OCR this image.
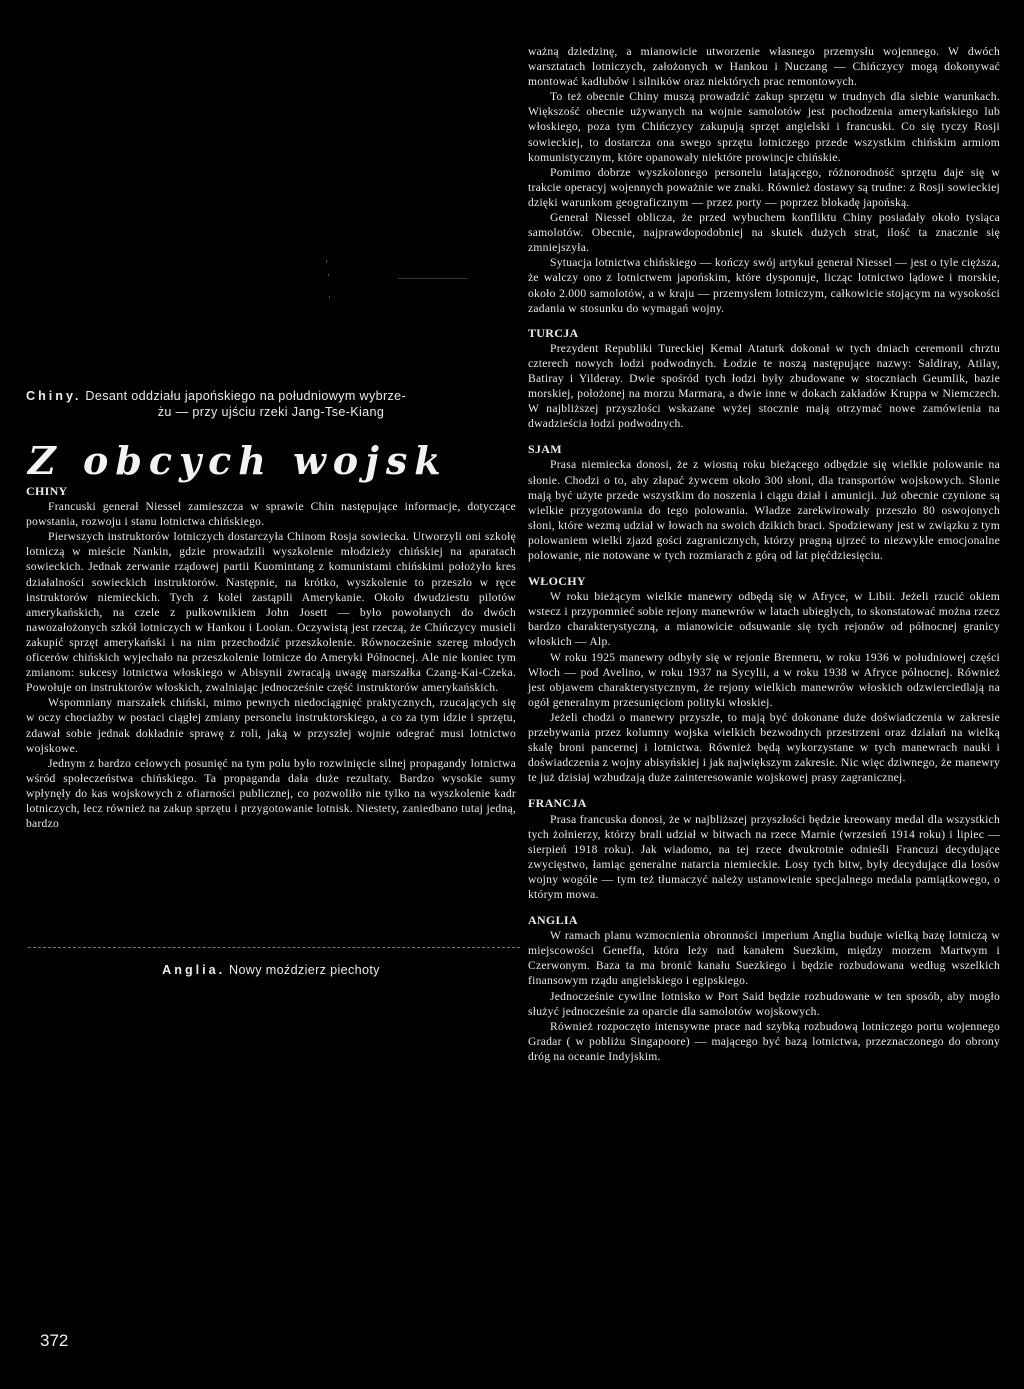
Chiny. Desant oddziału japońskiego na południowym wybrze-
żu — przy ujściu rzeki Jang-Tse-Kiang

Z obcych wojsk

CHINY

Francuski generał Niessel zamieszcza w sprawie Chin następujące informacje, dotyczące powstania, rozwoju i stanu lotnictwa chińskiego.

Pierwszych instruktorów lotniczych dostarczyła Chinom Rosja sowiecka. Utworzyli oni szkołę lotniczą w mieście Nankin, gdzie prowadzili wyszkolenie młodzieży chińskiej na aparatach sowieckich. Jednak zerwanie rządowej partii Kuomintang z komunistami chińskimi położyło kres działalności sowieckich instruktorów. Następnie, na krótko, wyszkolenie to przeszło w ręce instruktorów niemieckich. Tych z kolei zastąpili Amerykanie. Około dwudziestu pilotów amerykańskich, na czele z pułkownikiem John Josett — było powołanych do dwóch nawozałożonych szkół lotniczych w Hankou i Looian. Oczywistą jest rzeczą, że Chińczycy musieli zakupić sprzęt amerykański i na nim przechodzić przeszkolenie. Równocześnie szereg młodych oficerów chińskich wyjechało na przeszkolenie lotnicze do Ameryki Północnej. Ale nie koniec tym zmianom: sukcesy lotnictwa włoskiego w Abisynii zwracają uwagę marszałka Czang-Kai-Czeka. Powołuje on instruktorów włoskich, zwalniając jednocześnie część instruktorów amerykańskich.

Wspomniany marszałek chiński, mimo pewnych niedociągnięć praktycznych, rzucających się w oczy chociażby w postaci ciągłej zmiany personelu instruktorskiego, a co za tym idzie i sprzętu, zdawał sobie jednak dokładnie sprawę z roli, jaką w przyszłej wojnie odegrać musi lotnictwo wojskowe.

Jednym z bardzo celowych posunięć na tym polu było rozwinięcie silnej propagandy lotnictwa wśród społeczeństwa chińskiego. Ta propaganda dała duże rezultaty. Bardzo wysokie sumy wpłynęły do kas wojskowych z ofiarności publicznej, co pozwoliło nie tylko na wyszkolenie kadr lotniczych, lecz również na zakup sprzętu i przygotowanie lotnisk. Niestety, zaniedbano tutaj jedną, bardzo

Anglia. Nowy moździerz piechoty

ważną dziedzinę, a mianowicie utworzenie własnego przemysłu wojennego. W dwóch warsztatach lotniczych, założonych w Hankou i Nuczang — Chińczycy mogą dokonywać montować kadłubów i silników oraz niektórych prac remontowych.

To też obecnie Chiny muszą prowadzić zakup sprzętu w trudnych dla siebie warunkach. Większość obecnie używanych na wojnie samolotów jest pochodzenia amerykańskiego lub włoskiego, poza tym Chińczycy zakupują sprzęt angielski i francuski. Co się tyczy Rosji sowieckiej, to dostarcza ona swego sprzętu lotniczego przede wszystkim chińskim armiom komunistycznym, które opanowały niektóre prowincje chińskie.

Pomimo dobrze wyszkolonego personelu latającego, różnorodność sprzętu daje się w trakcie operacyj wojennych poważnie we znaki. Również dostawy są trudne: z Rosji sowieckiej dzięki warunkom geograficznym — przez porty — poprzez blokadę japońską.

Generał Niessel oblicza, że przed wybuchem konfliktu Chiny posiadały około tysiąca samolotów. Obecnie, najprawdopodobniej na skutek dużych strat, ilość ta znacznie się zmniejszyła.

Sytuacja lotnictwa chińskiego — kończy swój artykuł generał Niessel — jest o tyle cięższa, że walczy ono z lotnictwem japońskim, które dysponuje, licząc lotnictwo lądowe i morskie, około 2.000 samolotów, a w kraju — przemysłem lotniczym, całkowicie stojącym na wysokości zadania w stosunku do wymagań wojny.

TURCJA

Prezydent Republiki Tureckiej Kemal Ataturk dokonał w tych dniach ceremonii chrztu czterech nowych łodzi podwodnych. Łodzie te noszą następujące nazwy: Saldiray, Atilay, Batiray i Yilderay. Dwie spośród tych łodzi były zbudowane w stoczniach Geumlik, bazie morskiej, położonej na morzu Marmara, a dwie inne w dokach zakładów Kruppa w Niemczech. W najbliższej przyszłości wskazane wyżej stocznie mają otrzymać nowe zamówienia na dwadzieścia łodzi podwodnych.

SJAM

Prasa niemiecka donosi, że z wiosną roku bieżącego odbędzie się wielkie polowanie na słonie. Chodzi o to, aby złapać żywcem około 300 słoni, dla transportów wojskowych. Słonie mają być użyte przede wszystkim do noszenia i ciągu dział i amunicji. Już obecnie czynione są wielkie przygotowania do tego polowania. Władze zarekwirowały przeszło 80 oswojonych słoni, które wezmą udział w łowach na swoich dzikich braci. Spodziewany jest w związku z tym polowaniem wielki zjazd gości zagranicznych, którzy pragną ujrzeć to niezwykłe emocjonalne polowanie, nie notowane w tych rozmiarach z górą od lat pięćdziesięciu.

WŁOCHY

W roku bieżącym wielkie manewry odbędą się w Afryce, w Libii. Jeżeli rzucić okiem wstecz i przypomnieć sobie rejony manewrów w latach ubiegłych, to skonstatować można rzecz bardzo charakterystyczną, a mianowicie odsuwanie się tych rejonów od północnej granicy włoskich — Alp.

W roku 1925 manewry odbyły się w rejonie Brenneru, w roku 1936 w południowej części Włoch — pod Avelino, w roku 1937 na Sycylii, a w roku 1938 w Afryce północnej. Również jest objawem charakterystycznym, że rejony wielkich manewrów włoskich odzwierciedlają na ogół generalnym przesunięciom polityki włoskiej.

Jeżeli chodzi o manewry przyszłe, to mają być dokonane duże doświadczenia w zakresie przebywania przez kolumny wojska wielkich bezwodnych przestrzeni oraz działań na wielką skalę broni pancernej i lotnictwa. Również będą wykorzystane w tych manewrach nauki i doświadczenia z wojny abisyńskiej i jak największym zakresie. Nic więc dziwnego, że manewry te już dzisiaj wzbudzają duże zainteresowanie wojskowej prasy zagranicznej.

FRANCJA

Prasa francuska donosi, że w najbliższej przyszłości będzie kreowany medal dla wszystkich tych żołnierzy, którzy brali udział w bitwach na rzece Marnie (wrzesień 1914 roku) i lipiec — sierpień 1918 roku). Jak wiadomo, na tej rzece dwukrotnie odnieśli Francuzi decydujące zwycięstwo, łamiąc generalne natarcia niemieckie. Losy tych bitw, były decydujące dla losów wojny wogóle — tym też tłumaczyć należy ustanowienie specjalnego medala pamiątkowego, o którym mowa.

ANGLIA

W ramach planu wzmocnienia obronności imperium Anglia buduje wielką bazę lotniczą w miejscowości Geneffa, która leży nad kanałem Suezkim, między morzem Martwym i Czerwonym. Baza ta ma bronić kanału Suezkiego i będzie rozbudowana według wszelkich finansowym rządu angielskiego i egipskiego.

Jednocześnie cywilne lotnisko w Port Said będzie rozbudowane w ten sposób, aby mogło służyć jednocześnie za oparcie dla samolotów wojskowych.

Również rozpoczęto intensywne prace nad szybką rozbudową lotniczego portu wojennego Gradar ( w pobliżu Singapoore) — mającego być bazą lotnictwa, przeznaczonego do obrony dróg na oceanie Indyjskim.

372
